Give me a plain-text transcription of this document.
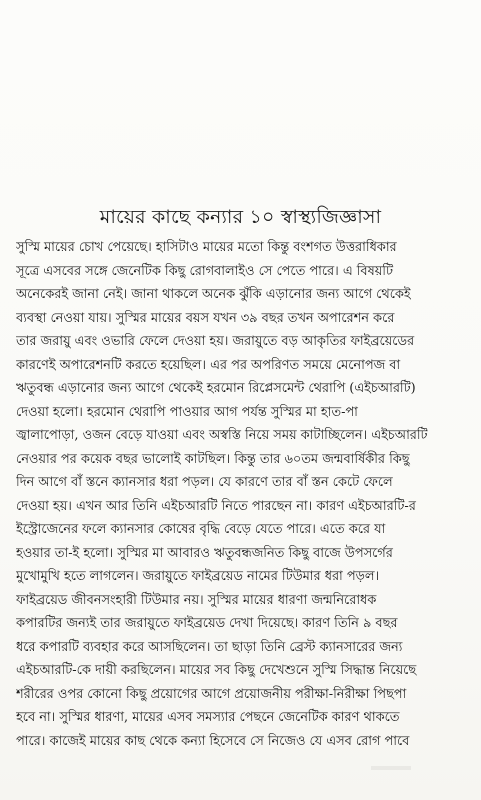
মায়ের কাছে কন্যার ১০ স্বাস্থ্যজিজ্ঞাসা
সুস্মি মায়ের চোখ পেয়েছে। হাসিটাও মায়ের মতো কিন্তু বংশগত উত্তরাধিকার
সূত্রে এসবের সঙ্গে জেনেটিক কিছু রোগবালাইও সে পেতে পারে। এ বিষয়টি
অনেকেরই জানা নেই। জানা থাকলে অনেক ঝুঁকি এড়ানোর জন্য আগে থেকেই
ব্যবস্থা নেওয়া যায়। সুস্মির মায়ের বয়স যখন ৩৯ বছর তখন অপারেশন করে
তার জরায়ু এবং ওভারি ফেলে দেওয়া হয়। জরায়ুতে বড় আকৃতির ফাইব্রয়েডের
কারণেই অপারেশনটি করতে হয়েছিল। এর পর অপরিণত সময়ে মেনোপজ বা
ঋতুবন্ধ এড়ানোর জন্য আগে থেকেই হরমোন রিপ্লেসমেন্ট থেরাপি (এইচআরটি)
দেওয়া হলো। হরমোন থেরাপি পাওয়ার আগ পর্যন্ত সুস্মির মা হাত-পা
জ্বালাপোড়া, ওজন বেড়ে যাওয়া এবং অস্বস্তি নিয়ে সময় কাটাচ্ছিলেন। এইচআরটি
নেওয়ার পর কয়েক বছর ভালোই কাটছিল। কিন্তু তার ৬০তম জন্মবার্ষিকীর কিছু
দিন আগে বাঁ স্তনে ক্যানসার ধরা পড়ল। যে কারণে তার বাঁ স্তন কেটে ফেলে
দেওয়া হয়। এখন আর তিনি এইচআরটি নিতে পারছেন না। কারণ এইচআরটি-র
ইস্ট্রোজেনের ফলে ক্যানসার কোষের বৃদ্ধি বেড়ে যেতে পারে। এতে করে যা
হওয়ার তা-ই হলো। সুস্মির মা আবারও ঋতুবন্ধজনিত কিছু বাজে উপসর্গের
মুখোমুখি হতে লাগলেন। জরায়ুতে ফাইব্রয়েড নামের টিউমার ধরা পড়ল।
ফাইব্রয়েড জীবনসংহারী টিউমার নয়। সুস্মির মায়ের ধারণা জন্মনিরোধক
কপারটির জন্যই তার জরায়ুতে ফাইব্রয়েড দেখা দিয়েছে। কারণ তিনি ৯ বছর
ধরে কপারটি ব্যবহার করে আসছিলেন। তা ছাড়া তিনি ব্রেস্ট ক্যানসারের জন্য
এইচআরটি-কে দায়ী করছিলেন। মায়ের সব কিছু দেখেশুনে সুস্মি সিদ্ধান্ত নিয়েছে
শরীরের ওপর কোনো কিছু প্রয়োগের আগে প্রয়োজনীয় পরীক্ষা-নিরীক্ষা পিছপা
হবে না। সুস্মির ধারণা, মায়ের এসব সমস্যার পেছনে জেনেটিক কারণ থাকতে
পারে। কাজেই মায়ের কাছ থেকে কন্যা হিসেবে সে নিজেও যে এসব রোগ পাবে
